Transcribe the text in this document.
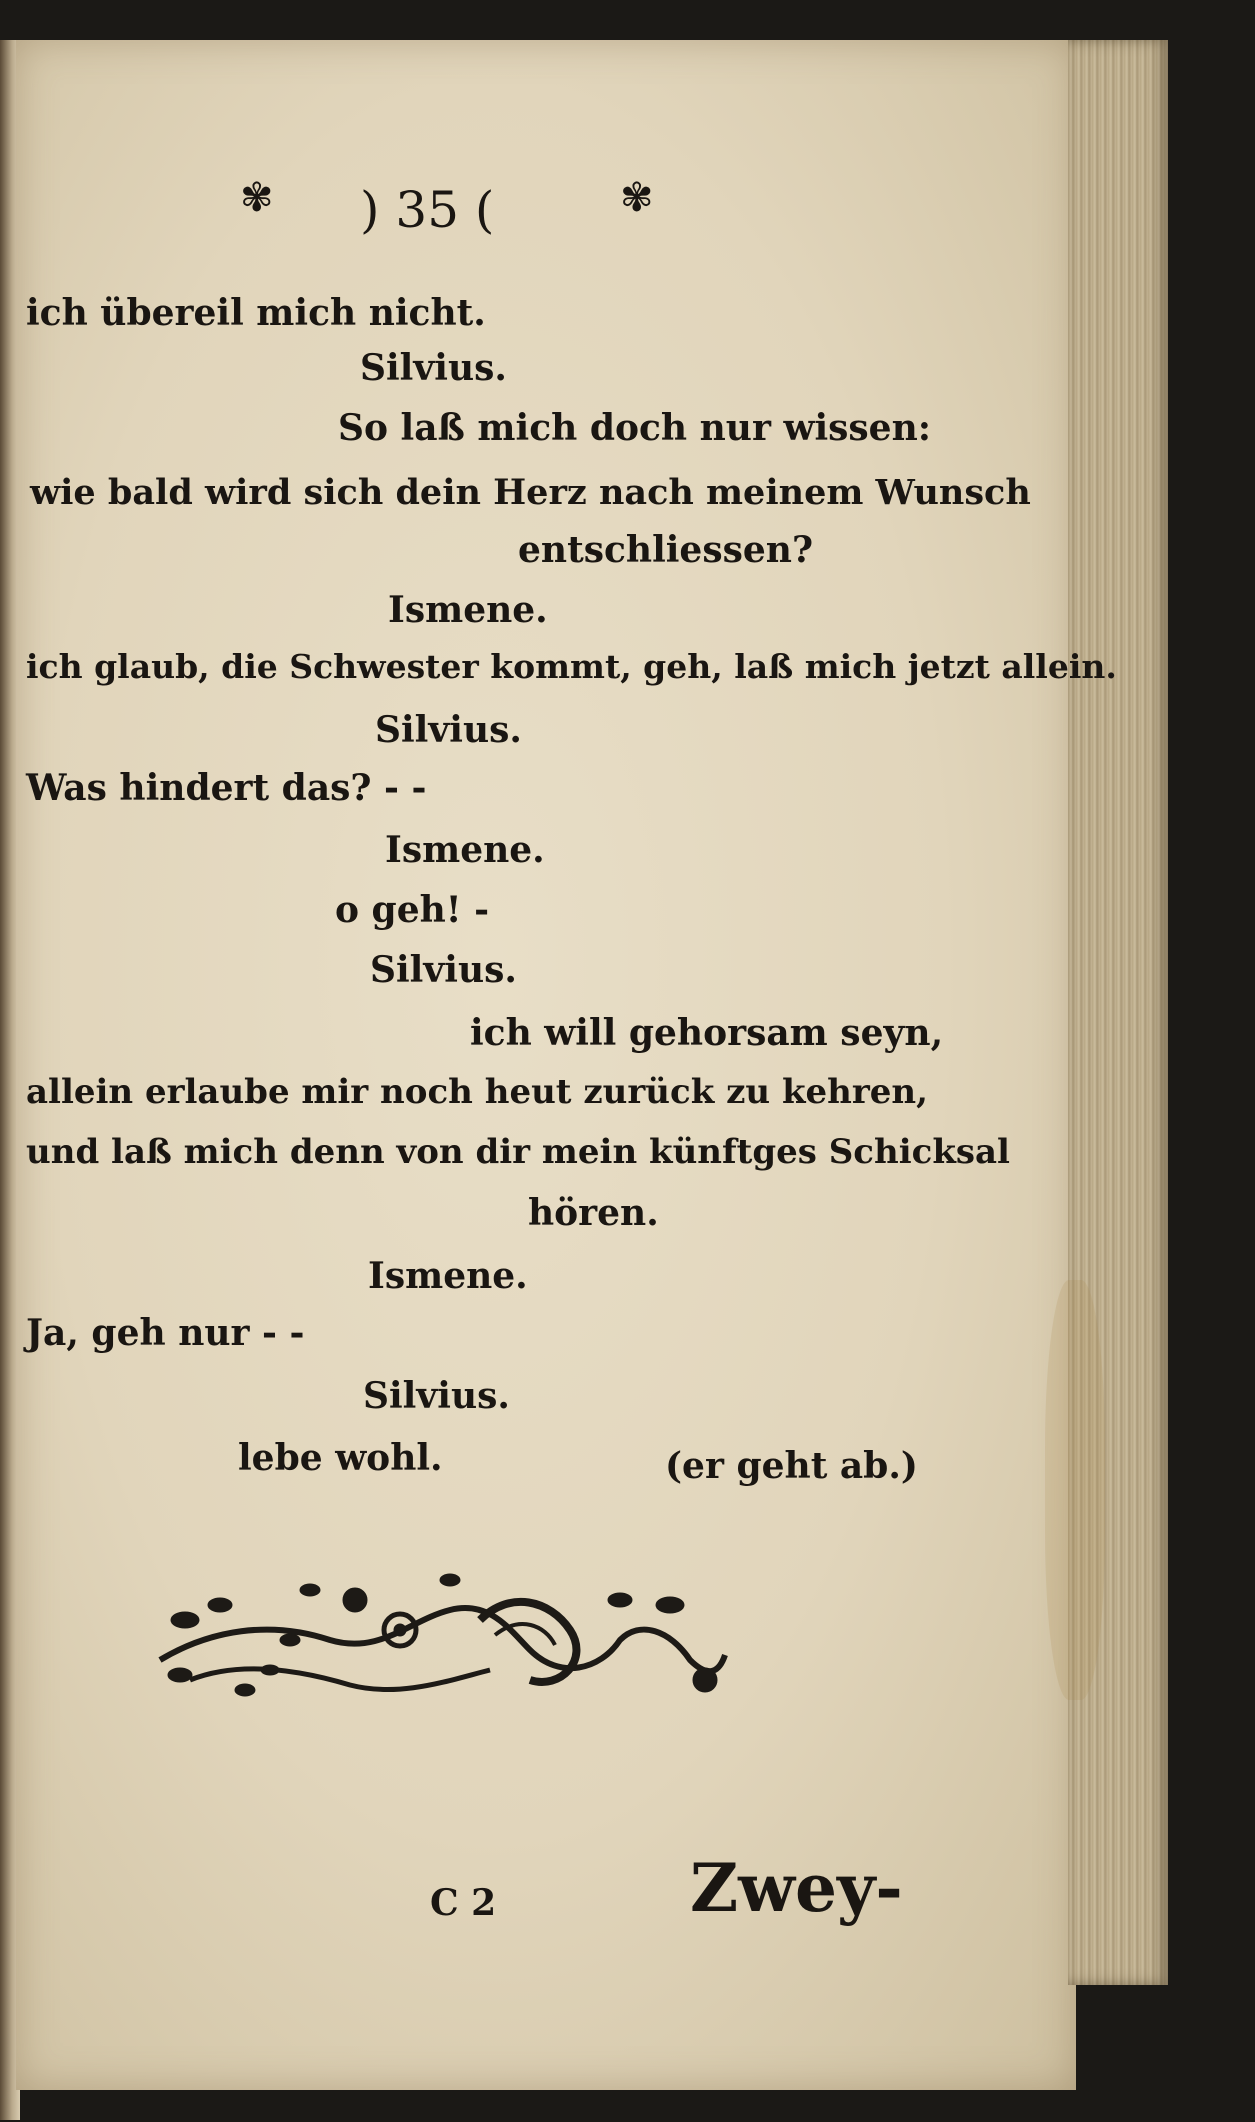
✾ ) 35 (	✾
ich übereil mich nicht.
Silvius.
So laß mich doch nur wissen:
wie bald wird sich dein Herz nach meinem Wunsch
entschliessen?
Ismene.
ich glaub, die Schwester kommt, geh, laß mich jetzt allein.
Silvius.
Was hindert das? - -
Ismene.
o geh! -
Silvius.
ich will gehorsam seyn,
allein erlaube mir noch heut zurück zu kehren,
und laß mich denn von dir mein künftges Schicksal
hören.
Ismene.
Ja, geh nur - -
Silvius.
lebe wohl.	(er geht ab.)
C 2	Zwey-
